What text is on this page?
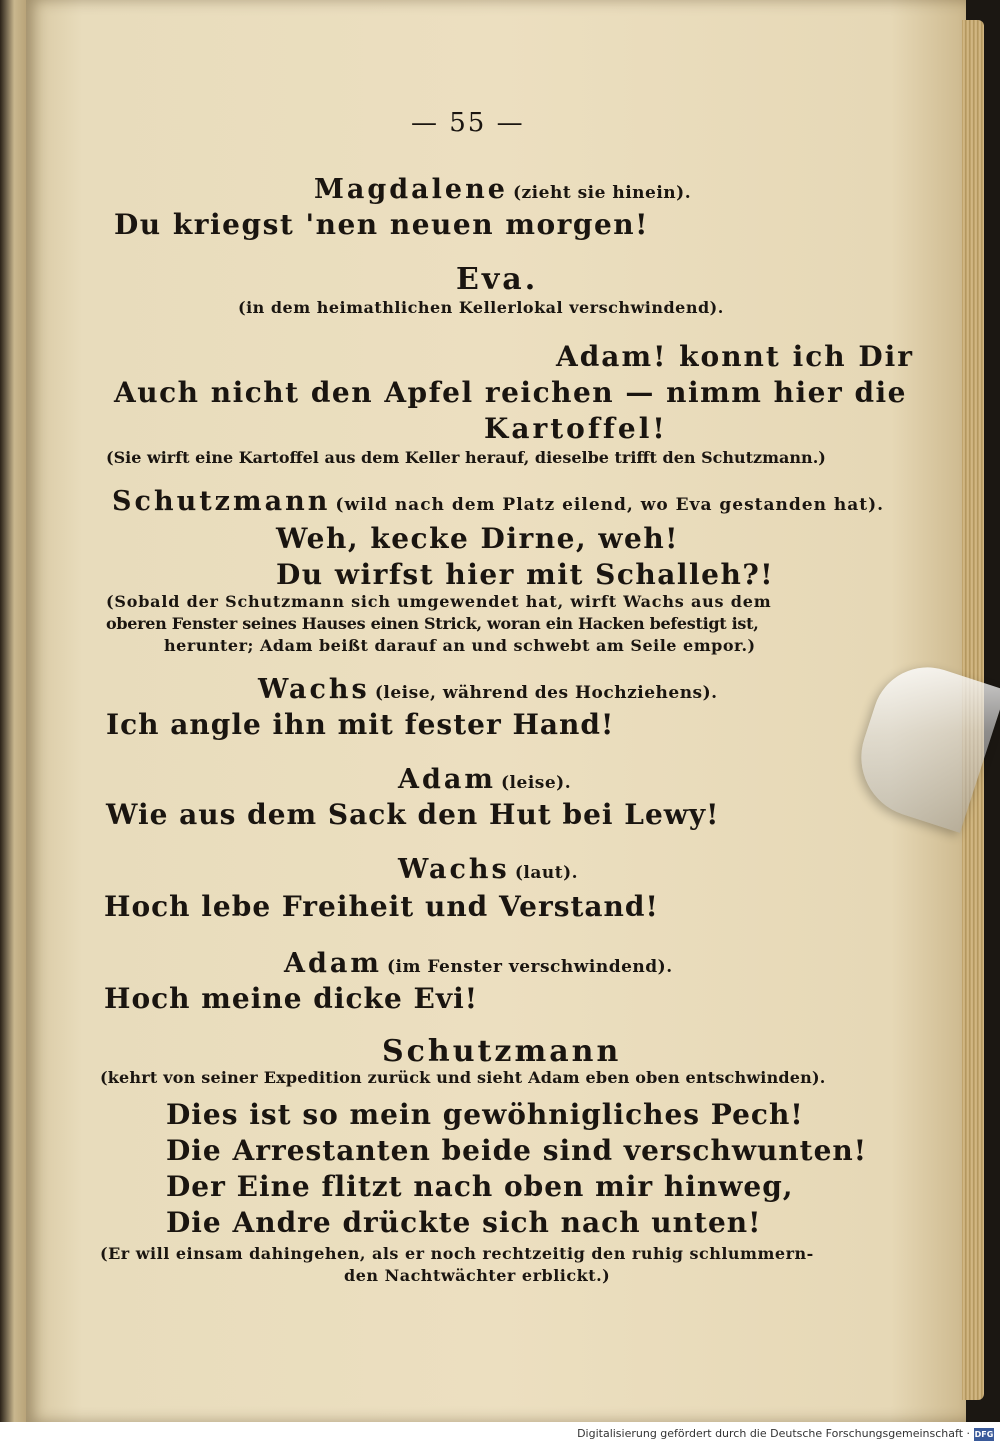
— 55 —
Magdalene (zieht sie hinein).
Du kriegst 'nen neuen morgen!
Eva.
(in dem heimathlichen Kellerlokal verschwindend).
Adam! konnt ich Dir
Auch nicht den Apfel reichen — nimm hier die
Kartoffel!
(Sie wirft eine Kartoffel aus dem Keller herauf, dieselbe trifft den Schutzmann.)
Schutzmann (wild nach dem Platz eilend, wo Eva gestanden hat).
Weh, kecke Dirne, weh!
Du wirfst hier mit Schalleh?!
(Sobald der Schutzmann sich umgewendet hat, wirft Wachs aus dem
oberen Fenster seines Hauses einen Strick, woran ein Hacken befestigt ist,
herunter; Adam beißt darauf an und schwebt am Seile empor.)
Wachs (leise, während des Hochziehens).
Ich angle ihn mit fester Hand!
Adam (leise).
Wie aus dem Sack den Hut bei Lewy!
Wachs (laut).
Hoch lebe Freiheit und Verstand!
Adam (im Fenster verschwindend).
Hoch meine dicke Evi!
Schutzmann
(kehrt von seiner Expedition zurück und sieht Adam eben oben entschwinden).
Dies ist so mein gewöhnigliches Pech!
Die Arrestanten beide sind verschwunten!
Der Eine flitzt nach oben mir hinweg,
Die Andre drückte sich nach unten!
(Er will einsam dahingehen, als er noch rechtzeitig den ruhig schlummern-
den Nachtwächter erblickt.)
Digitalisierung gefördert durch die Deutsche Forschungsgemeinschaft · DFG
